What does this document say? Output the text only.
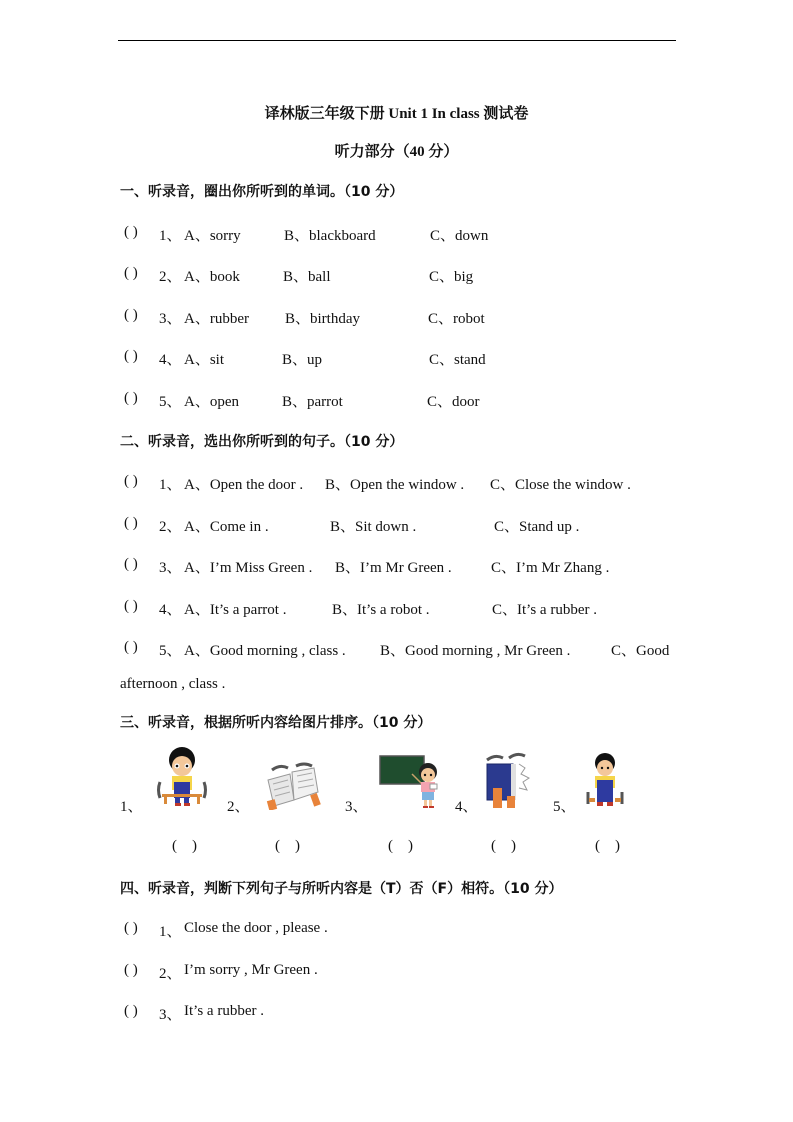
译林版三年级下册 Unit 1 In class 测试卷
听力部分（40 分）
一、听录音，圈出你所听到的单词。（10 分）
( ) 1、 A、sorry	B、blackboard	C、down
( ) 2、 A、book	B、ball	C、big
( ) 3、 A、rubber B、birthday	C、robot
( ) 4、 A、sit	B、up	C、stand
( ) 5、 A、open	B、parrot	C、door
二、听录音，选出你所听到的句子。（10 分）
( ) 1、 A、Open the door . B、Open the window . C、Close the window .
( ) 2、 A、Come in .	B、Sit down .	C、Stand up .
( ) 3、 A、I’m Miss Green . B、I’m Mr Green .	C、I’m Mr Zhang .
( ) 4、 A、It’s a parrot .	B、It’s a robot .	C、It’s a rubber .
( ) 5、 A、Good morning , class . B、Good morning , Mr Green .	C、Good
afternoon , class .
三、听录音，根据所听内容给图片排序。（10 分）
1、	2、	3、	4、	5、
(    )	(    )	(    )	(    )	(    )
四、听录音，判断下列句子与所听内容是（T）否（F）相符。（10 分）
( ) 1、 Close the door , please .
( ) 2、 I’m sorry , Mr Green .
( ) 3、 It’s a rubber .
